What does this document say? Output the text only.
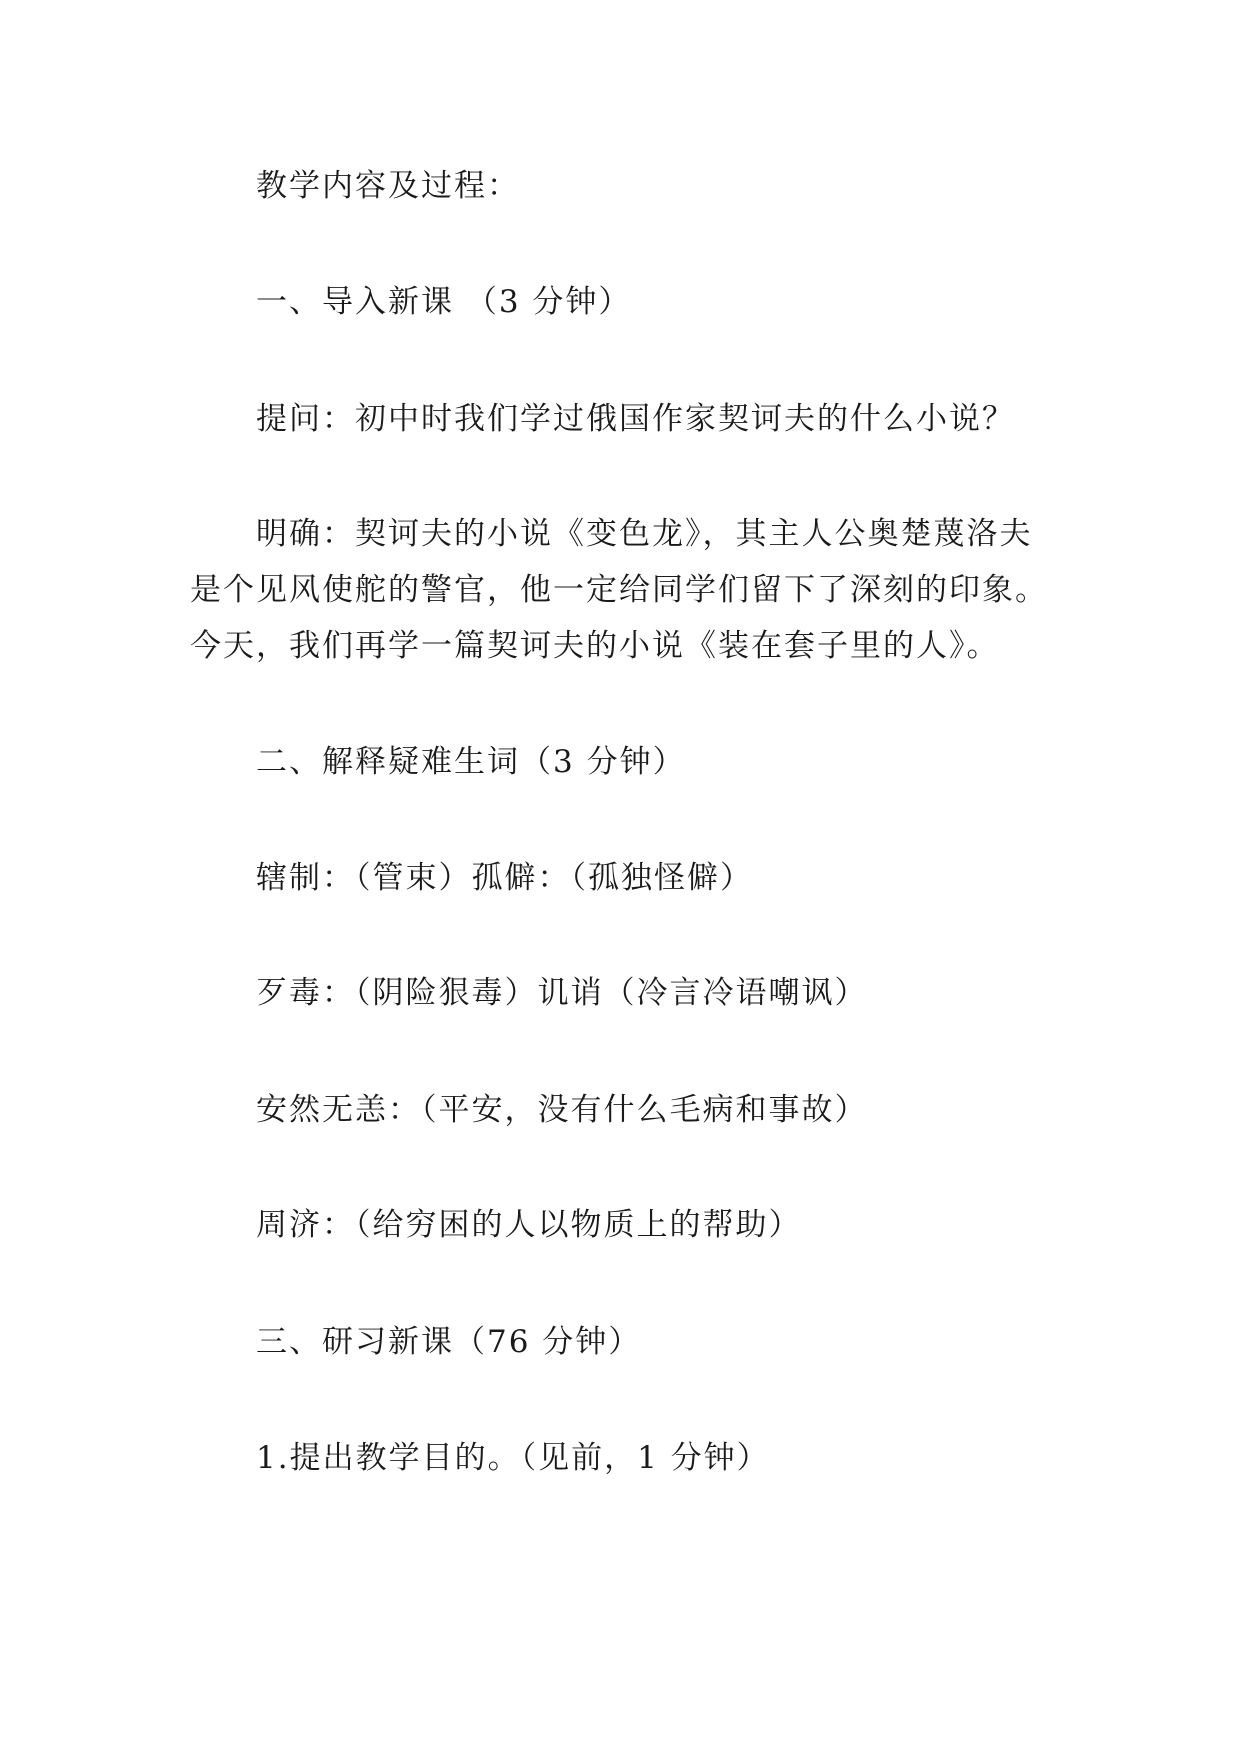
教学内容及过程：
一、导入新课 （3 分钟）
提问：初中时我们学过俄国作家契诃夫的什么小说？
明确：契诃夫的小说《变色龙》，其主人公奥楚蔑洛夫
是个见风使舵的警官，他一定给同学们留下了深刻的印象。
今天，我们再学一篇契诃夫的小说《装在套子里的人》。
二、解释疑难生词（3 分钟）
辖制：（管束）孤僻：（孤独怪僻）
歹毒：（阴险狠毒）讥诮（冷言冷语嘲讽）
安然无恙：（平安，没有什么毛病和事故）
周济：（给穷困的人以物质上的帮助）
三、研习新课（76 分钟）
1.提出教学目的。（见前，1 分钟）
